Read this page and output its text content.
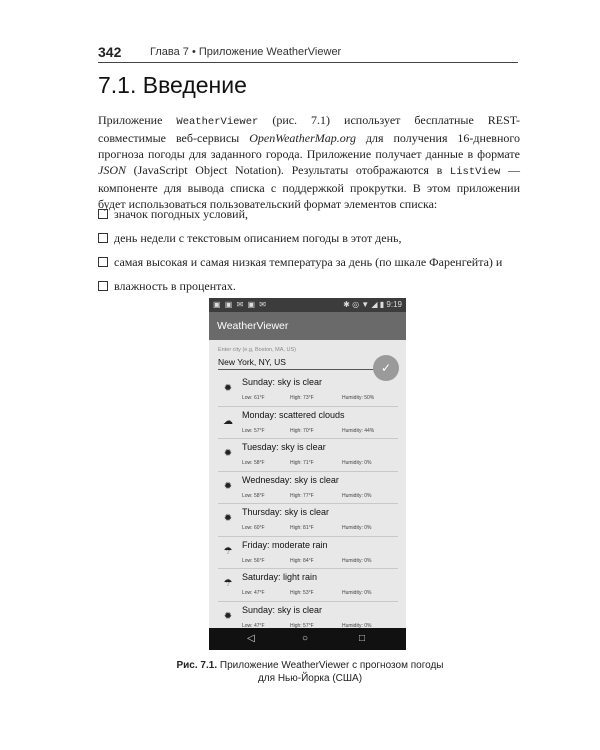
342	Глава 7 • Приложение WeatherViewer
7.1. Введение

Приложение WeatherViewer (рис. 7.1) использует бесплатные REST-совместимые веб-сервисы OpenWeatherMap.org для получения 16-дневного прогноза погоды для заданного города. Приложение получает данные в формате JSON (JavaScript Object Notation). Результаты отображаются в ListView — компоненте для вывода списка с поддержкой прокрутки. В этом приложении будет использоваться пользовательский формат элементов списка:

значок погодных условий,
день недели с текстовым описанием погоды в этот день,
самая высокая и самая низкая температура за день (по шкале Фаренгейта) и
влажность в процентах.
▣ ▣ ✉ ▣ ✉	✱ ◎ ▼ ◢ ▮ 9:19
WeatherViewer
Enter city (e.g, Boston, MA, US)
New York, NY, US	✓
✹
Sunday: sky is clear
Low: 61°F	High: 73°F	Humidity: 50%
☁
Monday: scattered clouds
Low: 57°F	High: 70°F	Humidity: 44%
✹
Tuesday: sky is clear
Low: 58°F	High: 71°F	Humidity: 0%
✹
Wednesday: sky is clear
Low: 58°F	High: 77°F	Humidity: 0%
✹
Thursday: sky is clear
Low: 60°F	High: 81°F	Humidity: 0%
☂
Friday: moderate rain
Low: 56°F	High: 84°F	Humidity: 0%
☂
Saturday: light rain
Low: 47°F	High: 53°F	Humidity: 0%
✹
Sunday: sky is clear
Low: 47°F	High: 57°F	Humidity: 0%
◁	○	□
Рис. 7.1. Приложение WeatherViewer с прогнозом погоды
для Нью-Йорка (США)
